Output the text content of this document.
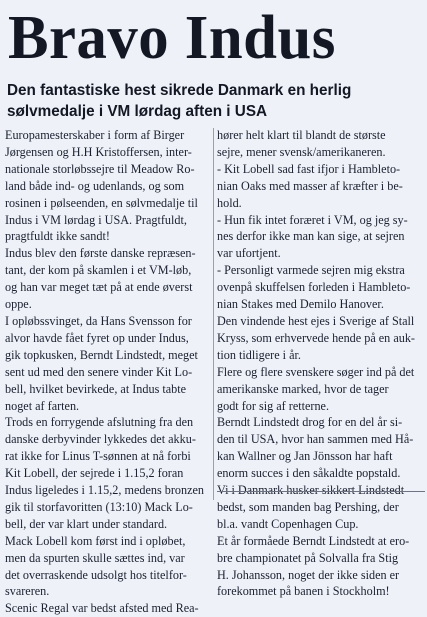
Bravo Indus
Den fantastiske hest sikrede Danmark en herlig
sølvmedalje i VM lørdag aften i USA
Europamesterskaber i form af Birger
Jørgensen og H.H Kristoffersen, inter-
nationale storløbssejre til Meadow Ro-
land både ind- og udenlands, og som
rosinen i pølseenden, en sølvmedalje til
Indus i VM lørdag i USA. Pragtfuldt,
pragtfuldt ikke sandt!
Indus blev den første danske repræsen-
tant, der kom på skamlen i et VM-løb,
og han var meget tæt på at ende øverst
oppe.
I opløbssvinget, da Hans Svensson for
alvor havde fået fyret op under Indus,
gik topkusken, Berndt Lindstedt, meget
sent ud med den senere vinder Kit Lo-
bell, hvilket bevirkede, at Indus tabte
noget af farten.
Trods en forrygende afslutning fra den
danske derbyvinder lykkedes det akku-
rat ikke for Linus T-sønnen at nå forbi
Kit Lobell, der sejrede i 1.15,2 foran
Indus ligeledes i 1.15,2, medens bronzen
gik til storfavoritten (13:10) Mack Lo-
bell, der var klart under standard.
Mack Lobell kom først ind i opløbet,
men da spurten skulle sættes ind, var
det overraskende udsolgt hos titelfor-
svareren.
Scenic Regal var bedst afsted med Rea-
hører helt klart til blandt de største
sejre, mener svensk/amerikaneren.
- Kit Lobell sad fast ifjor i Hambleto-
nian Oaks med masser af kræfter i be-
hold.
- Hun fik intet foræret i VM, og jeg sy-
nes derfor ikke man kan sige, at sejren
var ufortjent.
- Personligt varmede sejren mig ekstra
ovenpå skuffelsen forleden i Hambleto-
nian Stakes med Demilo Hanover.
Den vindende hest ejes i Sverige af Stall
Kryss, som erhvervede hende på en auk-
tion tidligere i år.
Flere og flere svenskere søger ind på det
amerikanske marked, hvor de tager
godt for sig af retterne.
Berndt Lindstedt drog for en del år si-
den til USA, hvor han sammen med Hå-
kan Wallner og Jan Jönsson har haft
enorm succes i den såkaldte popstald.
bedst, som manden bag Pershing, der
bl.a. vandt Copenhagen Cup.
Et år formåede Berndt Lindstedt at ero-
bre championatet på Solvalla fra Stig
H. Johansson, noget der ikke siden er
forekommet på banen i Stockholm!
